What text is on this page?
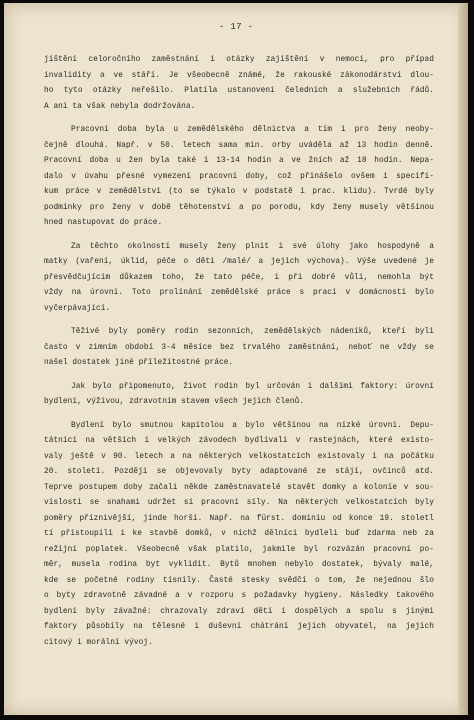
- 17 -
jištění celoročního zaměstnání i otázky zajištění v nemoci, pro případ
invalidity a ve stáří. Je všeobecně známé, že rakouské zákonodárství dlou-
ho tyto otázky neřešilo. Platila ustanovení čeledních a služebních řádů.
A ani ta však nebyla dodržována.
Pracovní doba byla u zemědělského dělnictva a tím i pro ženy neoby-
čejně dlouhá. Např. v 50. letech sama min. orby uváděla až 13 hodin denně.
Pracovní doba u žen byla také i 13-14 hodin a ve žních až 18 hodin. Nepa-
dalo v úvahu přesné vymezení pracovní doby, což přinášelo ovšem i specifi-
kum práce v zemědělství (to se týkalo v podstatě i prac. klidu). Tvrdé byly
podmínky pro ženy v době těhotenství a po porodu, kdy ženy musely většinou
hned nastupovat do práce.
Za těchto okolností musely ženy plnit i své úlohy jako hospodyně a
matky (vaření, úklid, péče o děti /malé/ a jejich výchova). Výše uvedené je
přesvědčujícím důkazem toho, že tato péče, i při dobré vůli, nemohla být
vždy na úrovni. Toto prolínání zemědělské práce s prací v domácnosti bylo
vyčerpávající.
Těživé byly poměry rodin sezonních, zemědělských nádeníků, kteří byli
často v zimním období 3-4 měsíce bez trvalého zaměstnání, neboť ne vždy se
našel dostatek jiné příležitostné práce.
Jak bylo připomenuto, život rodin byl určován i dalšími faktory: úrovní
bydlení, výživou, zdravotním stavem všech jejích členů.
Bydlení bylo smutnou kapitolou a bylo většinou na nízké úrovni. Depu-
tátníci na větších i velkých závodech bydlívali v rastejnách, které existo-
valy ještě v 90. letech a na některých velkostatcích existovaly i na počátku
20. století. Později se objevovaly byty adaptované ze stájí, ovčinců atd.
Teprve postupem doby začali někde zaměstnavatelé stavět domky a kolonie v sou-
vislosti se snahami udržet si pracovní síly. Na některých velkostatcích byly
poměry příznivější, jinde horší. Např. na fürst. dominiu od konce 19. stoletl
tí přistoupili i ke stavbě domků, v nichž dělníci bydleli buď zdarma neb za
režijní poplatek. Všeobecně však platilo, jakmile byl rozvázán pracovní po-
měr, musela rodina byt vyklidit. Bytů mnohem nebylo dostatek, bývaly malé,
kde se početné rodiny tísnily. Časté stesky svědčí o tom, že nejednou šlo
o byty zdravotně závadné a v rozporu s požadavky hygieny. Následky takového
bydlení byly závažné: chrazovaly zdraví dětí i dospělých a spolu s jinými
faktory působily na tělesné i duševní chátrání jejich obyvatel, na jejich
citový i morální vývoj.
